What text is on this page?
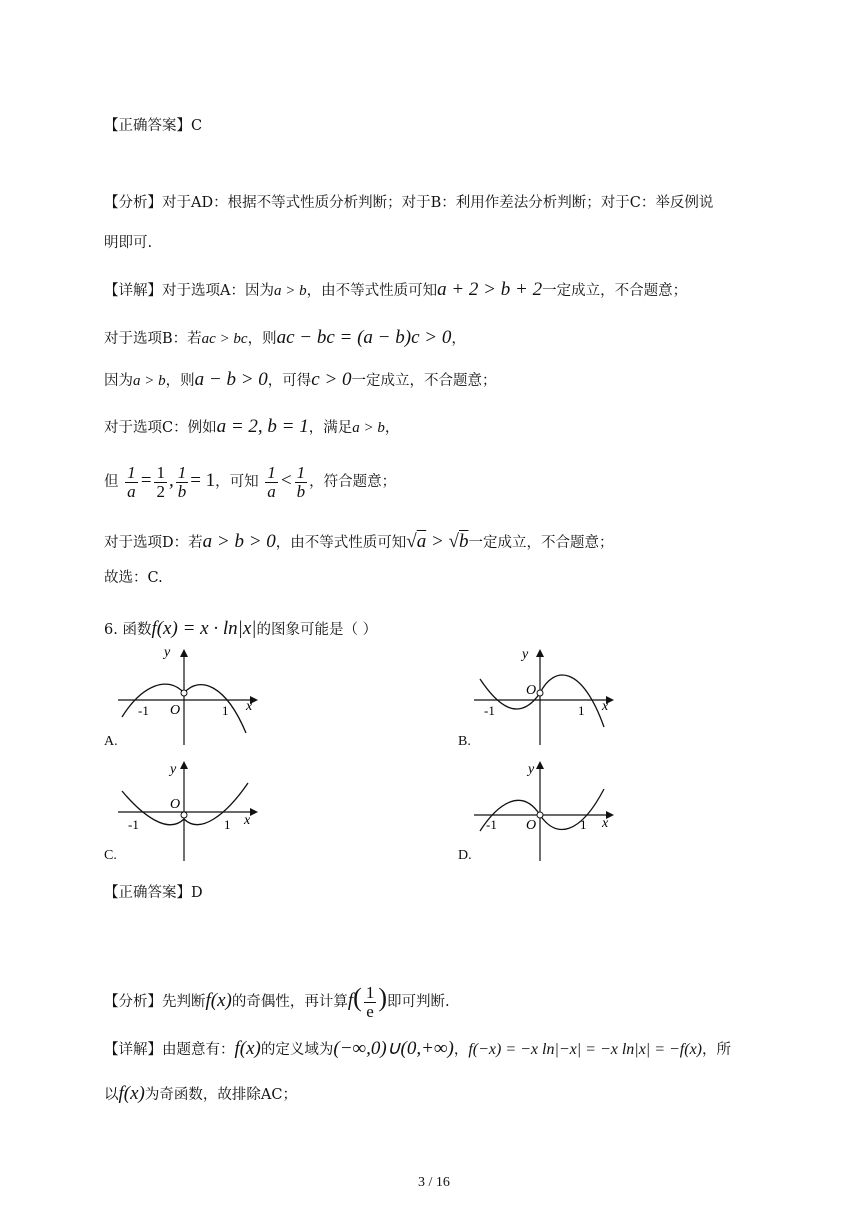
【正确答案】C
【分析】对于AD：根据不等式性质分析判断；对于B：利用作差法分析判断；对于C：举反例说
明即可.
【详解】对于选项A：因为a > b，由不等式性质可知a + 2 > b + 2一定成立，不合题意；
对于选项B：若ac > bc，则ac − bc = (a − b)c > 0，
因为a > b，则a − b > 0，可得c > 0一定成立，不合题意；
对于选项C：例如a = 2, b = 1，满足a > b，
但 $\frac{1}{a} = \frac{1}{2}$ , $\frac{1}{b} = 1$，可知 $\frac{1}{a} < \frac{1}{b}$ ，符合题意；
对于选项D：若a > b > 0，由不等式性质可知√a > √b一定成立，不合题意；
故选：C.
6. 函数f(x) = x · ln|x|的图象可能是（ ）
y
x
O
-1	1
A.
y
x
O
-1	1
B.
y
x
O
-1	1
C.
y
x
O
-1	1
D.
【正确答案】D
【分析】先判断f(x)的奇偶性，再计算$f( \frac{1}{e}$ )即可判断.
【详解】由题意有：f(x)的定义域为(−∞,0)∪(0,+∞)，f(−x) = −x ln|−x| = −x ln|x| = −f(x)，所
以f(x)为奇函数，故排除AC；
3 / 16
